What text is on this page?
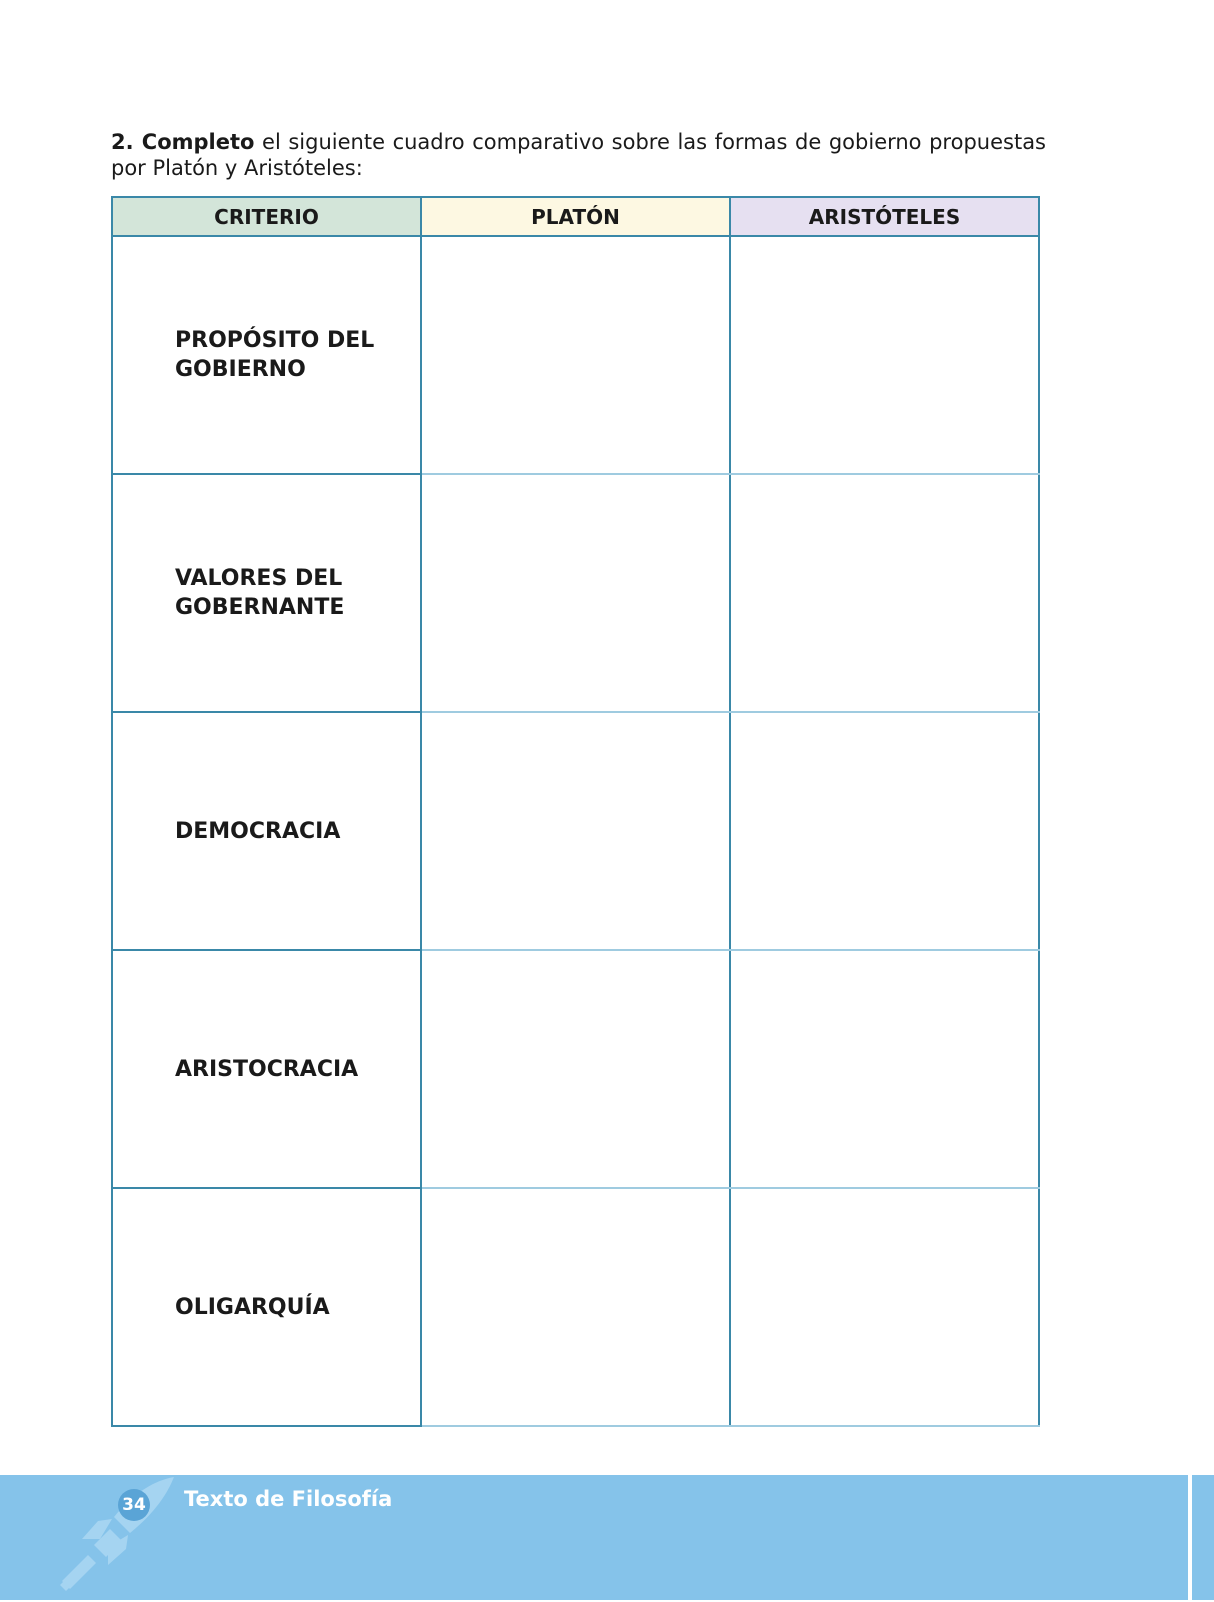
2. Completo el siguiente cuadro comparativo sobre las formas de gobierno propuestas por Platón y Aristóteles:

CRITERIO	PLATÓN	ARISTÓTELES

PROPÓSITO DEL
GOBIERNO		

VALORES DEL
GOBERNANTE		

DEMOCRACIA		

ARISTOCRACIA		

OLIGARQUÍA		

34 Texto de Filosofía
